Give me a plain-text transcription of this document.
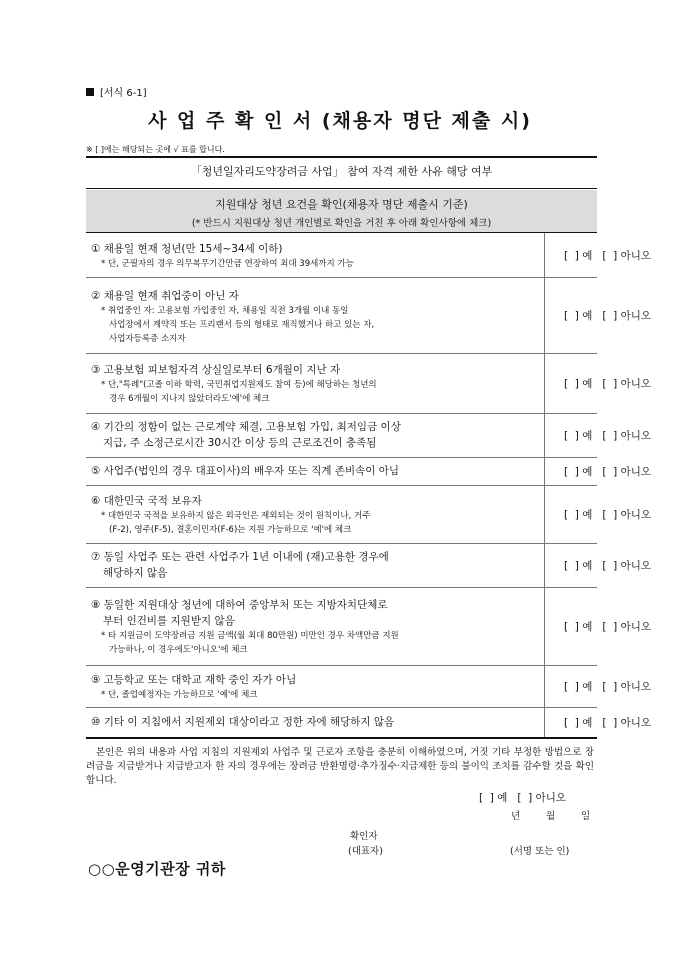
[서식 6-1]
사 업 주 확 인 서 (채용자 명단 제출 시)
※ [ ]에는 해당되는 곳에 √ 표를 합니다.
「청년일자리도약장려금 사업」 참여 자격 제한 사유 해당 여부
지원대상 청년 요건을 확인(채용자 명단 제출시 기준)
(* 반드시 지원대상 청년 개인별로 확인을 거친 후 아래 확인사항에 체크)
① 채용일 현재 청년(만 15세~34세 이하)
* 단, 군필자의 경우 의무복무기간만큼 연장하여 최대 39세까지 가능
[  ] 예   [  ] 아니오
② 채용일 현재 취업중이 아닌 자
* 취업중인 자: 고용보험 가입중인 자, 채용일 직전 3개월 이내 동일
사업장에서 계약직 또는 프리랜서 등의 형태로 재직했거나 하고 있는 자,
사업자등록증 소지자
[  ] 예   [  ] 아니오
③ 고용보험 피보험자격 상실일로부터 6개월이 지난 자
* 단,"특례"(고졸 이하 학력, 국민취업지원제도 참여 등)에 해당하는 청년의
경우 6개월이 지나지 않았더라도'예'에 체크
[  ] 예   [  ] 아니오
④ 기간의 정함이 없는 근로계약 체결, 고용보험 가입, 최저임금 이상
지급, 주 소정근로시간 30시간 이상 등의 근로조건이 충족됨
[  ] 예   [  ] 아니오
⑤ 사업주(법인의 경우 대표이사)의 배우자 또는 직계 존비속이 아님	[  ] 예   [  ] 아니오
⑥ 대한민국 국적 보유자
* 대한민국 국적을 보유하지 않은 외국인은 제외되는 것이 원칙이나, 거주
(F-2), 영주(F-5), 결혼이민자(F-6)는 지원 가능하므로 '예'에 체크
[  ] 예   [  ] 아니오
⑦ 동일 사업주 또는 관련 사업주가 1년 이내에 (재)고용한 경우에
해당하지 않음
[  ] 예   [  ] 아니오
⑧ 동일한 지원대상 청년에 대하여 중앙부처 또는 지방자치단체로
부터 인건비를 지원받지 않음
* 타 지원금이 도약장려금 지원 금액(월 최대 80만원) 미만인 경우 차액만큼 지원
가능하나, 이 경우에도'아니오'에 체크
[  ] 예   [  ] 아니오
⑨ 고등학교 또는 대학교 재학 중인 자가 아님
* 단, 졸업예정자는 가능하므로 '예'에 체크
[  ] 예   [  ] 아니오
⑩ 기타 이 지침에서 지원제외 대상이라고 정한 자에 해당하지 않음	[  ] 예   [  ] 아니오
본인은 위의 내용과 사업 지침의 지원제외 사업주 및 근로자 조항을 충분히 이해하였으며, 거짓 기타 부정한 방법으로 장려금을 지급받거나 지급받고자 한 자의 경우에는 장려금 반환명령·추가징수·지급제한 등의 불이익 조치를 감수할 것을 확인합니다.
[  ] 예   [  ] 아니오
년	월	일
확인자
(대표자)	(서명 또는 인)
○○운영기관장 귀하
